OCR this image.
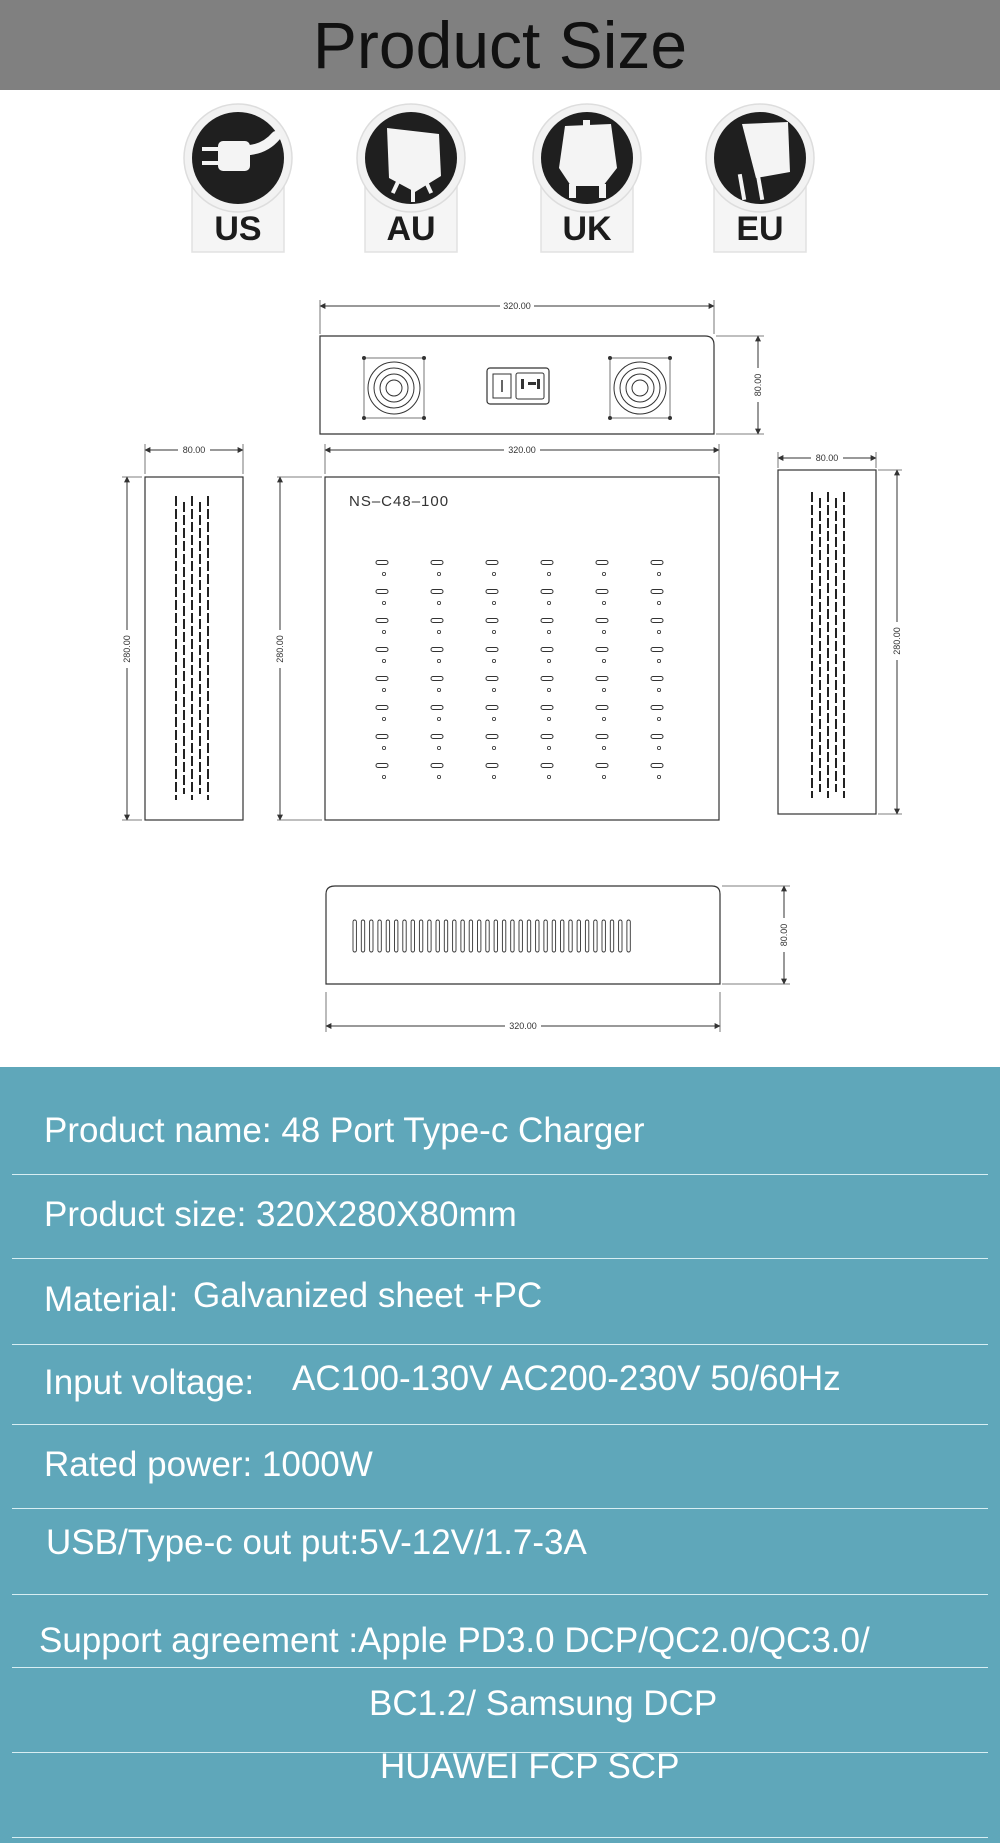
Product Size
US	AU	UK	EU
320.00
80.00
320.00
NS–C48–100
280.00
80.00
280.00
80.00
280.00
80.00
320.00
Product name: 48 Port Type-c Charger
Product size: 320X280X80mm
Material: Galvanized sheet +PC
Input voltage: AC100-130V AC200-230V 50/60Hz
Rated power: 1000W
USB/Type-c out put:5V-12V/1.7-3A
Support agreement :Apple PD3.0 DCP/QC2.0/QC3.0/
BC1.2/ Samsung DCP
HUAWEI FCP SCP
